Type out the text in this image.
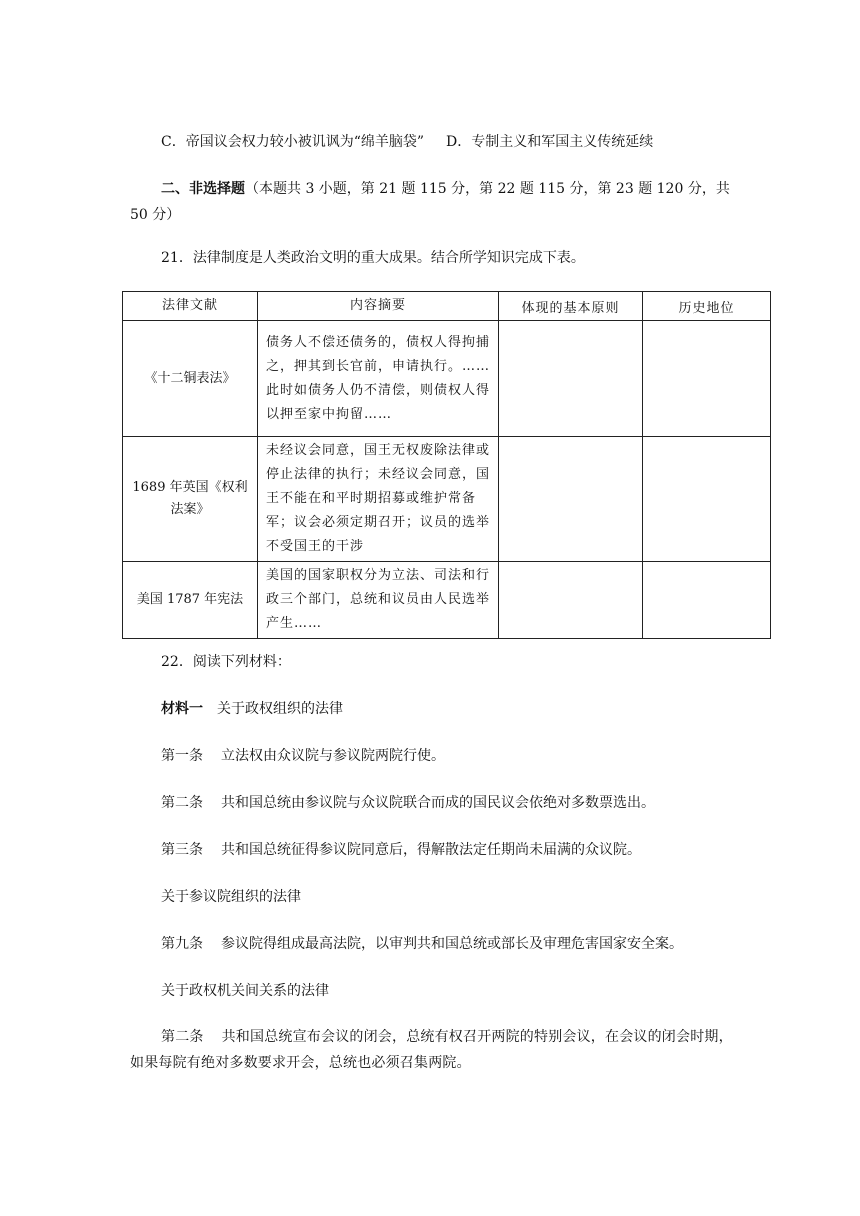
C．帝国议会权力较小被讥讽为“绵羊脑袋” D．专制主义和军国主义传统延续
二、非选择题（本题共 3 小题，第 21 题 115 分，第 22 题 115 分，第 23 题 120 分，共 50 分）
21．法律制度是人类政治文明的重大成果。结合所学知识完成下表。
法律文献	内容摘要	体现的基本原则	历史地位
《十二铜表法》	债务人不偿还债务的，债权人得拘捕之，押其到长官前，申请执行。……此时如债务人仍不清偿，则债权人得以押至家中拘留……		
1689 年英国《权利法案》	未经议会同意，国王无权废除法律或停止法律的执行；未经议会同意，国王不能在和平时期招募或维护常备军；议会必须定期召开；议员的选举不受国王的干涉		
美国 1787 年宪法	美国的国家职权分为立法、司法和行政三个部门，总统和议员由人民选举产生……		
22．阅读下列材料：
材料一 关于政权组织的法律
第一条 立法权由众议院与参议院两院行使。
第二条 共和国总统由参议院与众议院联合而成的国民议会依绝对多数票选出。
第三条 共和国总统征得参议院同意后，得解散法定任期尚未届满的众议院。
关于参议院组织的法律
第九条 参议院得组成最高法院，以审判共和国总统或部长及审理危害国家安全案。
关于政权机关间关系的法律
第二条 共和国总统宣布会议的闭会，总统有权召开两院的特别会议，在会议的闭会时期，如果每院有绝对多数要求开会，总统也必须召集两院。
